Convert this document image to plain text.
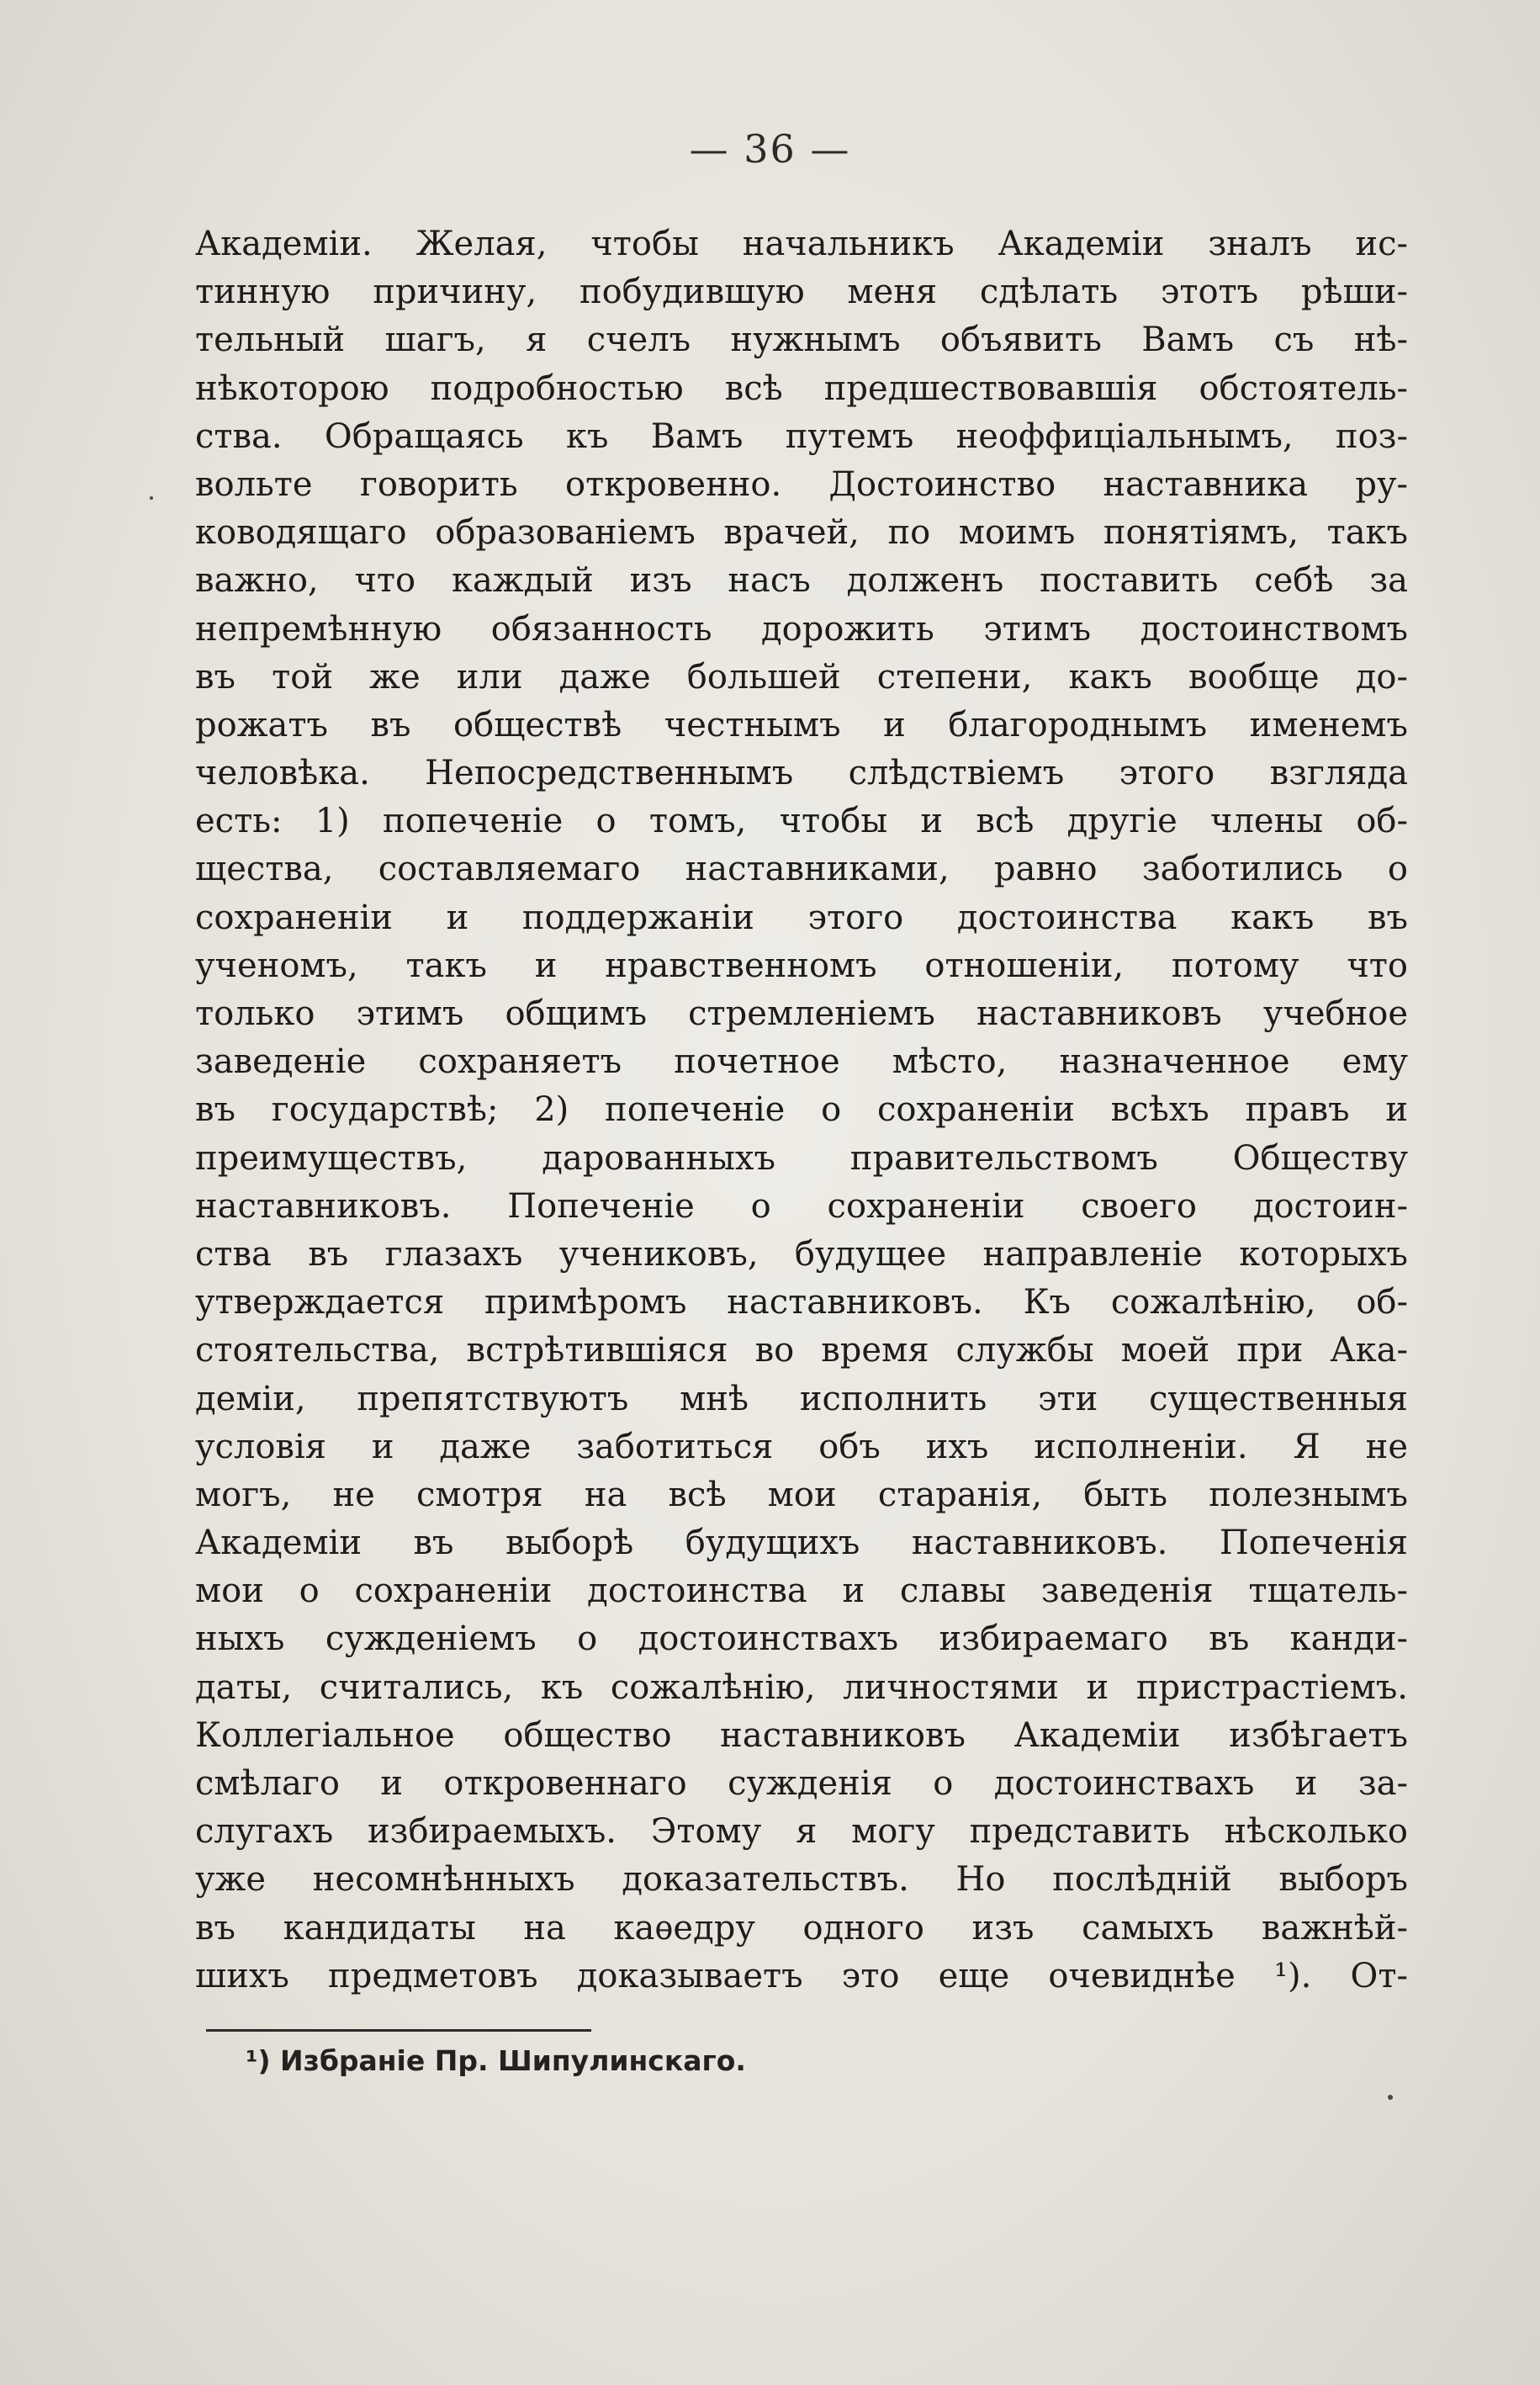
— 36 —
Академіи. Желая, чтобы начальникъ Академіи зналъ ис-
тинную причину, побудившую меня сдѣлать этотъ рѣши-
тельный шагъ, я счелъ нужнымъ объявить Вамъ съ нѣ-
нѣкоторою подробностью всѣ предшествовавшія обстоятель-
ства. Обращаясь къ Вамъ путемъ неоффиціальнымъ, поз-
вольте говорить откровенно. Достоинство наставника ру-
ководящаго образованіемъ врачей, по моимъ понятіямъ, такъ
важно, что каждый изъ насъ долженъ поставить себѣ за
непремѣнную обязанность дорожить этимъ достоинствомъ
въ той же или даже большей степени, какъ вообще до-
рожатъ въ обществѣ честнымъ и благороднымъ именемъ
человѣка. Непосредственнымъ слѣдствіемъ этого взгляда
есть: 1) попеченіе о томъ, чтобы и всѣ другіе члены об-
щества, составляемаго наставниками, равно заботились о
сохраненіи и поддержаніи этого достоинства какъ въ
ученомъ, такъ и нравственномъ отношеніи, потому что
только этимъ общимъ стремленіемъ наставниковъ учебное
заведеніе сохраняетъ почетное мѣсто, назначенное ему
въ государствѣ; 2) попеченіе о сохраненіи всѣхъ правъ и
преимуществъ, дарованныхъ правительствомъ Обществу
наставниковъ. Попеченіе о сохраненіи своего достоин-
ства въ глазахъ учениковъ, будущее направленіе которыхъ
утверждается примѣромъ наставниковъ. Къ сожалѣнію, об-
стоятельства, встрѣтившіяся во время службы моей при Ака-
деміи, препятствуютъ мнѣ исполнить эти существенныя
условія и даже заботиться объ ихъ исполненіи. Я не
могъ, не смотря на всѣ мои старанія, быть полезнымъ
Академіи въ выборѣ будущихъ наставниковъ. Попеченія
мои о сохраненіи достоинства и славы заведенія тщатель-
ныхъ сужденіемъ о достоинствахъ избираемаго въ канди-
даты, считались, къ сожалѣнію, личностями и пристрастіемъ.
Коллегіальное общество наставниковъ Академіи избѣгаетъ
смѣлаго и откровеннаго сужденія о достоинствахъ и за-
слугахъ избираемыхъ. Этому я могу представить нѣсколько
уже несомнѣнныхъ доказательствъ. Но послѣдній выборъ
въ кандидаты на каѳедру одного изъ самыхъ важнѣй-
шихъ предметовъ доказываетъ это еще очевиднѣе ¹). От-
¹) Избраніе Пр. Шипулинскаго.
